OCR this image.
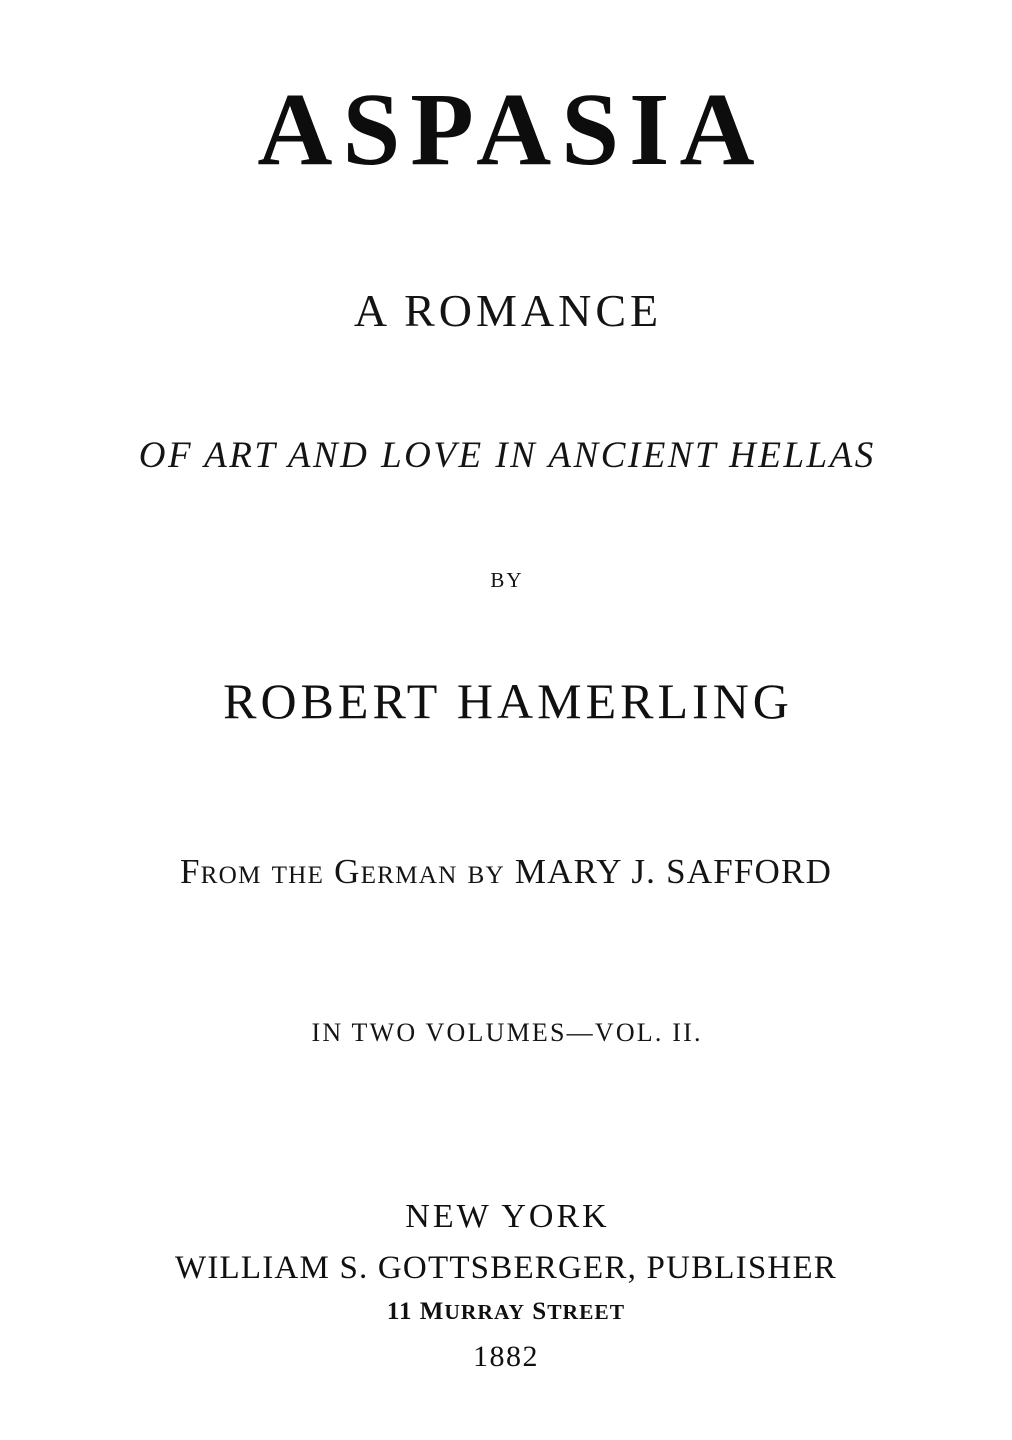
ASPASIA
A ROMANCE
OF ART AND LOVE IN ANCIENT HELLAS
BY
ROBERT HAMERLING
FROM THE GERMAN BY MARY J. SAFFORD
IN TWO VOLUMES—VOL. II.
NEW YORK
WILLIAM S. GOTTSBERGER, PUBLISHER
11 MURRAY STREET
1882
